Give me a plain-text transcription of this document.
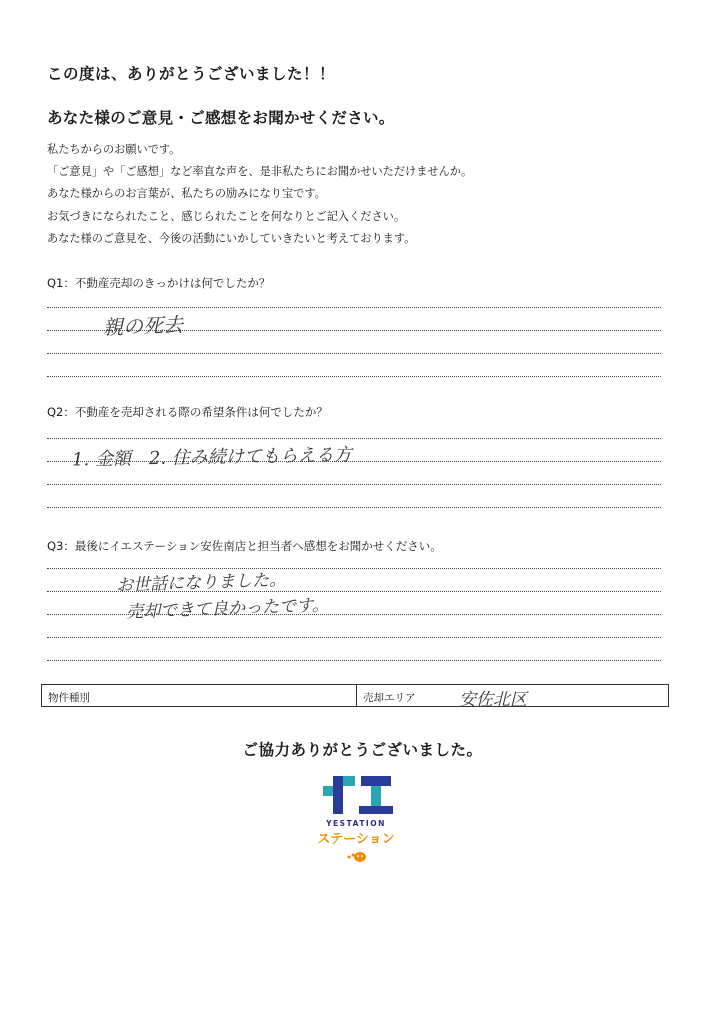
この度は、ありがとうございました！！
あなた様のご意見・ご感想をお聞かせください。
私たちからのお願いです。
「ご意見」や「ご感想」など率直な声を、是非私たちにお聞かせいただけませんか。
あなた様からのお言葉が、私たちの励みになり宝です。
お気づきになられたこと、感じられたことを何なりとご記入ください。
あなた様のご意見を、今後の活動にいかしていきたいと考えております。
Q1：不動産売却のきっかけは何でしたか？
親の死去
Q2：不動産を売却される際の希望条件は何でしたか？
1. 金額　2. 住み続けてもらえる方
Q3：最後にイエステーション安佐南店と担当者へ感想をお聞かせください。
お世話になりました。
売却できて良かったです。
物件種別	売却エリア	安佐北区
ご協力ありがとうございました。
YESTATION
ステーション
